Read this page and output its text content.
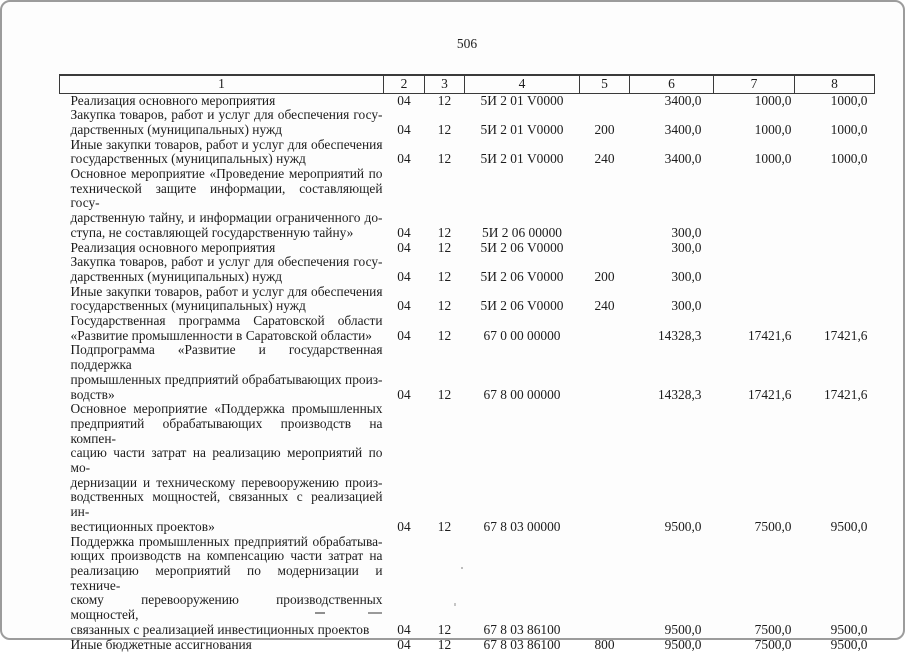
506
1	2	3	4	5	6	7	8

Реализация основного мероприятия	04	12	5И 2 01 V0000		3400,0	1000,0	1000,0

Закупка товаров, работ и услуг для обеспечения госу-
дарственных (муниципальных) нужд	04	12	5И 2 01 V0000	200	3400,0	1000,0	1000,0

Иные закупки товаров, работ и услуг для обеспечения
государственных (муниципальных) нужд	04	12	5И 2 01 V0000	240	3400,0	1000,0	1000,0

Основное мероприятие «Проведение мероприятий по
технической защите информации, составляющей госу-
дарственную тайну, и информации ограниченного до-
ступа, не составляющей государственную тайну»	04	12	5И 2 06 00000		300,0		

Реализация основного мероприятия	04	12	5И 2 06 V0000		300,0		

Закупка товаров, работ и услуг для обеспечения госу-
дарственных (муниципальных) нужд	04	12	5И 2 06 V0000	200	300,0		

Иные закупки товаров, работ и услуг для обеспечения
государственных (муниципальных) нужд	04	12	5И 2 06 V0000	240	300,0		

Государственная программа Саратовской области
«Развитие промышленности в Саратовской области»	04	12	67 0 00 00000		14328,3	17421,6	17421,6

Подпрограмма «Развитие и государственная поддержка
промышленных предприятий обрабатывающих произ-
водств»	04	12	67 8 00 00000		14328,3	17421,6	17421,6

Основное мероприятие «Поддержка промышленных
предприятий обрабатывающих производств на компен-
сацию части затрат на реализацию мероприятий по мо-
дернизации и техническому перевооружению произ-
водственных мощностей, связанных с реализацией ин-
вестиционных проектов»	04	12	67 8 03 00000		9500,0	7500,0	9500,0

Поддержка промышленных предприятий обрабатыва-
ющих производств на компенсацию части затрат на
реализацию мероприятий по модернизации и техниче-
скому перевооружению производственных мощностей,
связанных с реализацией инвестиционных проектов	04	12	67 8 03 86100		9500,0	7500,0	9500,0

Иные бюджетные ассигнования	04	12	67 8 03 86100	800	9500,0	7500,0	9500,0
